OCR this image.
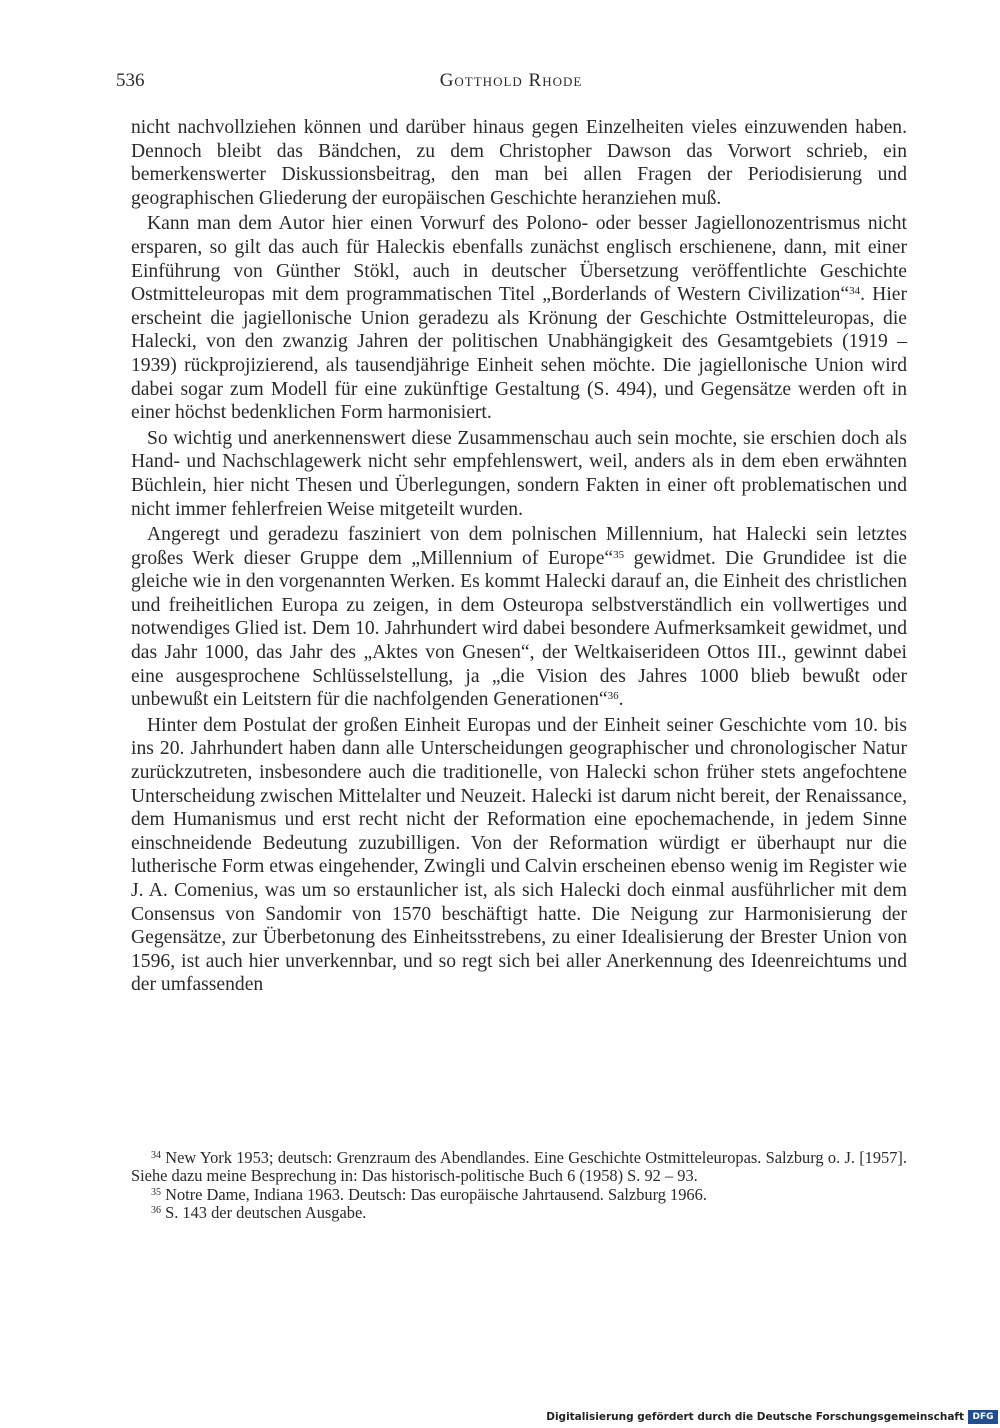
536	Gotthold Rhode

nicht nachvollziehen können und darüber hinaus gegen Einzelheiten vieles einzuwenden haben. Dennoch bleibt das Bändchen, zu dem Christopher Dawson das Vorwort schrieb, ein bemerkenswerter Diskussionsbeitrag, den man bei allen Fragen der Periodisierung und geographischen Gliederung der europäischen Geschichte heranziehen muß.

Kann man dem Autor hier einen Vorwurf des Polono- oder besser Jagiellonozentrismus nicht ersparen, so gilt das auch für Haleckis ebenfalls zunächst englisch erschienene, dann, mit einer Einführung von Günther Stökl, auch in deutscher Übersetzung veröffentlichte Geschichte Ostmitteleuropas mit dem programmatischen Titel „Borderlands of Western Civilization“$^{34}$. Hier erscheint die jagiellonische Union geradezu als Krönung der Geschichte Ostmitteleuropas, die Halecki, von den zwanzig Jahren der politischen Unabhängigkeit des Gesamtgebiets (1919 – 1939) rückprojizierend, als tausendjährige Einheit sehen möchte. Die jagiellonische Union wird dabei sogar zum Modell für eine zukünftige Gestaltung (S. 494), und Gegensätze werden oft in einer höchst bedenklichen Form harmonisiert.

So wichtig und anerkennenswert diese Zusammenschau auch sein mochte, sie erschien doch als Hand- und Nachschlagewerk nicht sehr empfehlenswert, weil, anders als in dem eben erwähnten Büchlein, hier nicht Thesen und Überlegungen, sondern Fakten in einer oft problematischen und nicht immer fehlerfreien Weise mitgeteilt wurden.

Angeregt und geradezu fasziniert von dem polnischen Millennium, hat Halecki sein letztes großes Werk dieser Gruppe dem „Millennium of Europe“$^{35}$ gewidmet. Die Grundidee ist die gleiche wie in den vorgenannten Werken. Es kommt Halecki darauf an, die Einheit des christlichen und freiheitlichen Europa zu zeigen, in dem Osteuropa selbstverständlich ein vollwertiges und notwendiges Glied ist. Dem 10. Jahrhundert wird dabei besondere Aufmerksamkeit gewidmet, und das Jahr 1000, das Jahr des „Aktes von Gnesen“, der Weltkaiserideen Ottos III., gewinnt dabei eine ausgesprochene Schlüsselstellung, ja „die Vision des Jahres 1000 blieb bewußt oder unbewußt ein Leitstern für die nachfolgenden Generationen“$^{36}$.

Hinter dem Postulat der großen Einheit Europas und der Einheit seiner Geschichte vom 10. bis ins 20. Jahrhundert haben dann alle Unterscheidungen geographischer und chronologischer Natur zurückzutreten, insbesondere auch die traditionelle, von Halecki schon früher stets angefochtene Unterscheidung zwischen Mittelalter und Neuzeit. Halecki ist darum nicht bereit, der Renaissance, dem Humanismus und erst recht nicht der Reformation eine epochemachende, in jedem Sinne einschneidende Bedeutung zuzubilligen. Von der Reformation würdigt er überhaupt nur die lutherische Form etwas eingehender, Zwingli und Calvin erscheinen ebenso wenig im Register wie J. A. Comenius, was um so erstaunlicher ist, als sich Halecki doch einmal ausführlicher mit dem Consensus von Sandomir von 1570 beschäftigt hatte. Die Neigung zur Harmonisierung der Gegensätze, zur Überbetonung des Einheitsstrebens, zu einer Idealisierung der Brester Union von 1596, ist auch hier unverkennbar, und so regt sich bei aller Anerkennung des Ideenreichtums und der umfassenden

$^{34}$ New York 1953; deutsch: Grenzraum des Abendlandes. Eine Geschichte Ostmitteleuropas. Salzburg o. J. [1957]. Siehe dazu meine Besprechung in: Das historisch-politische Buch 6 (1958) S. 92 – 93.

$^{35}$ Notre Dame, Indiana 1963. Deutsch: Das europäische Jahrtausend. Salzburg 1966.

$^{36}$ S. 143 der deutschen Ausgabe.

Digitalisierung gefördert durch die Deutsche Forschungsgemeinschaft DFG
